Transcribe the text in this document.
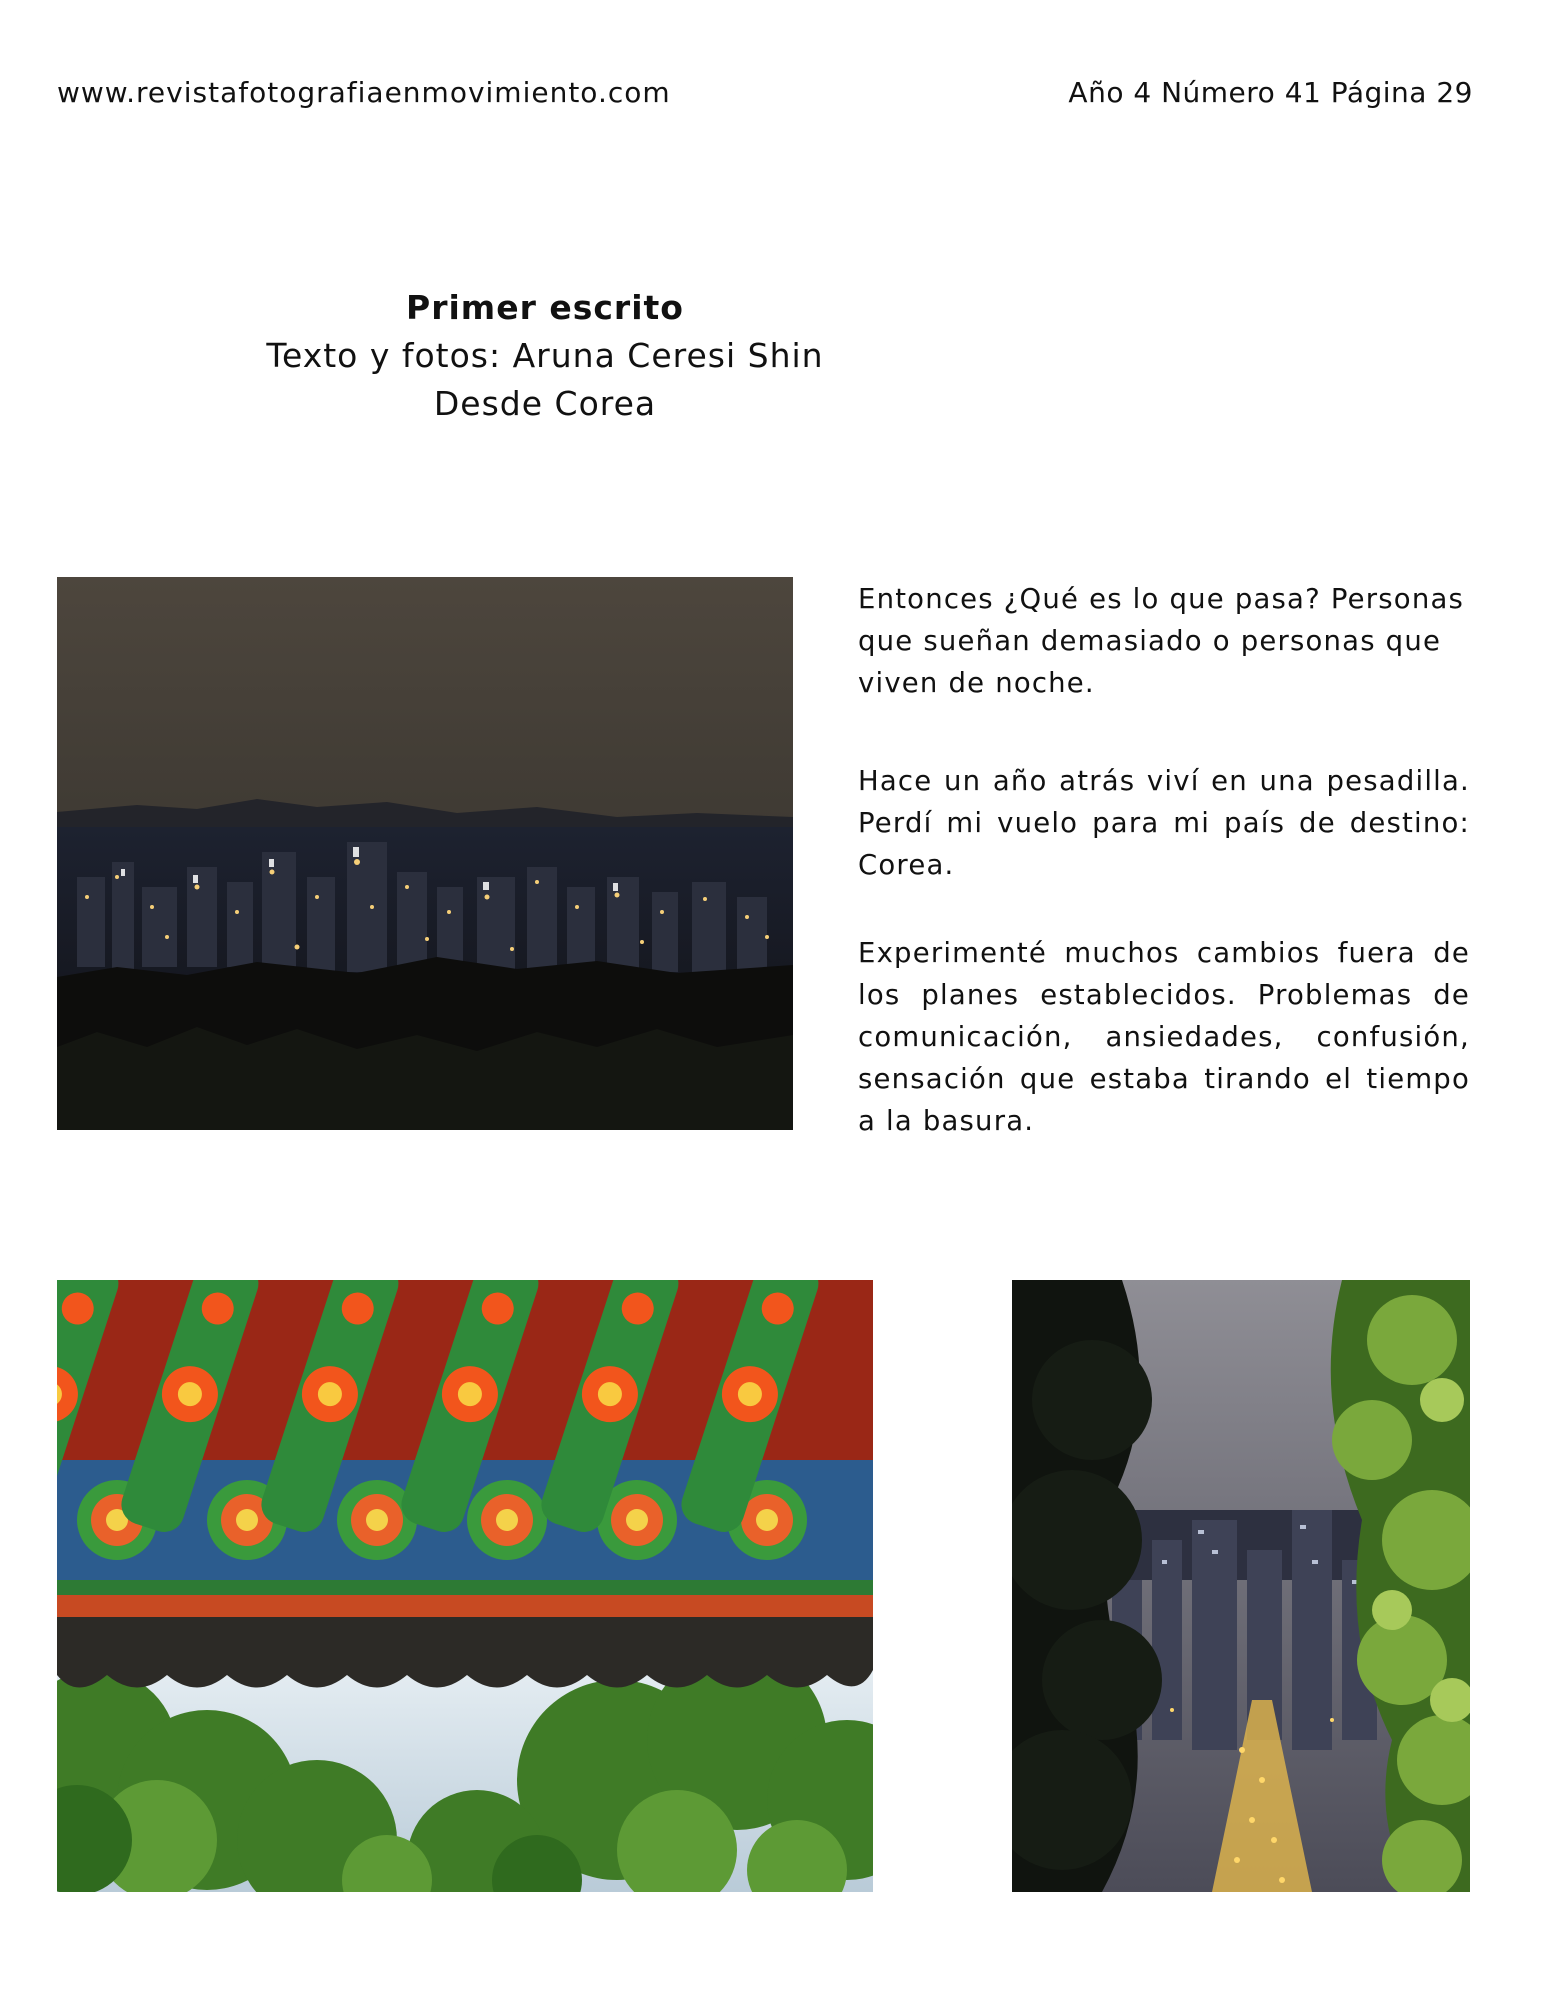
www.revistafotografiaenmovimiento.com	Año 4 Número 41 Página 29
Primer escrito
Texto y fotos: Aruna Ceresi Shin
Desde Corea

Entonces ¿Qué es lo que pasa? Personas que sueñan demasiado o personas que viven de noche.

Hace un año atrás viví en una pesadilla. Perdí mi vuelo para mi país de destino: Corea.

Experimenté muchos cambios fuera de los planes establecidos. Problemas de comunicación, ansiedades, confusión, sensación que estaba tirando el tiempo a la basura.
